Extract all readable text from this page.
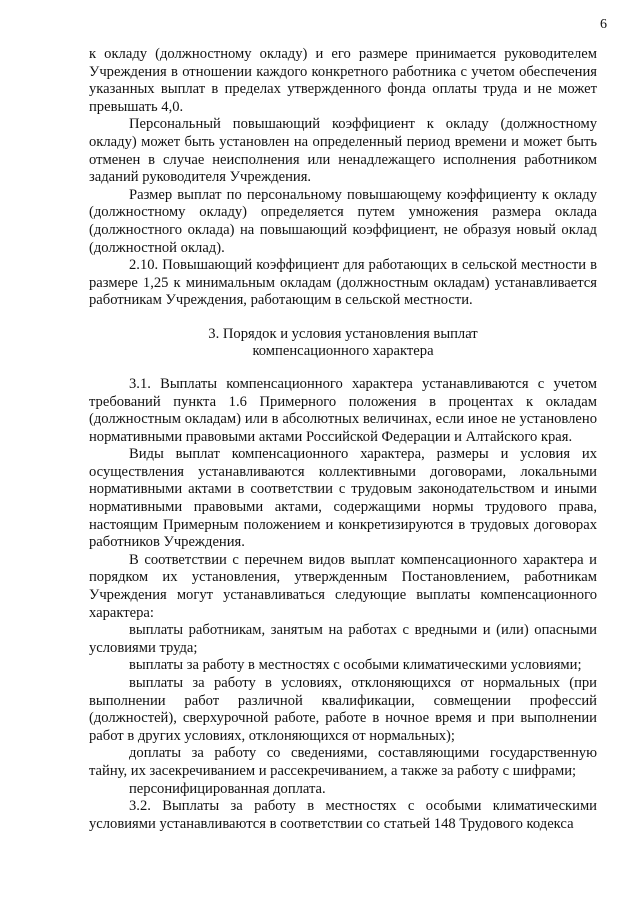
6

к окладу (должностному окладу) и его размере принимается руководителем Учреждения в отношении каждого конкретного работника с учетом обеспечения указанных выплат в пределах утвержденного фонда оплаты труда и не может превышать 4,0.

Персональный повышающий коэффициент к окладу (должностному окладу) может быть установлен на определенный период времени и может быть отменен в случае неисполнения или ненадлежащего исполнения работником заданий руководителя Учреждения.

Размер выплат по персональному повышающему коэффициенту к окладу (должностному окладу) определяется путем умножения размера оклада (должностного оклада) на повышающий коэффициент, не образуя новый оклад (должностной оклад).

2.10. Повышающий коэффициент для работающих в сельской местности в размере 1,25 к минимальным окладам (должностным окладам) устанавливается работникам Учреждения, работающим в сельской местности.

3. Порядок и условия установления выплат
компенсационного характера

3.1. Выплаты компенсационного характера устанавливаются с учетом требований пункта 1.6 Примерного положения в процентах к окладам (должностным окладам) или в абсолютных величинах, если иное не установлено нормативными правовыми актами Российской Федерации и Алтайского края.

Виды выплат компенсационного характера, размеры и условия их осуществления устанавливаются коллективными договорами, локальными нормативными актами в соответствии с трудовым законодательством и иными нормативными правовыми актами, содержащими нормы трудового права, настоящим Примерным положением и конкретизируются в трудовых договорах работников Учреждения.

В соответствии с перечнем видов выплат компенсационного характера и порядком их установления, утвержденным Постановлением, работникам Учреждения могут устанавливаться следующие выплаты компенсационного характера:

выплаты работникам, занятым на работах с вредными и (или) опасными условиями труда;

выплаты за работу в местностях с особыми климатическими условиями;

выплаты за работу в условиях, отклоняющихся от нормальных (при выполнении работ различной квалификации, совмещении профессий (должностей), сверхурочной работе, работе в ночное время и при выполнении работ в других условиях, отклоняющихся от нормальных);

доплаты за работу со сведениями, составляющими государственную тайну, их засекречиванием и рассекречиванием, а также за работу с шифрами;

персонифицированная доплата.

3.2. Выплаты за работу в местностях с особыми климатическими условиями устанавливаются в соответствии со статьей 148 Трудового кодекса
